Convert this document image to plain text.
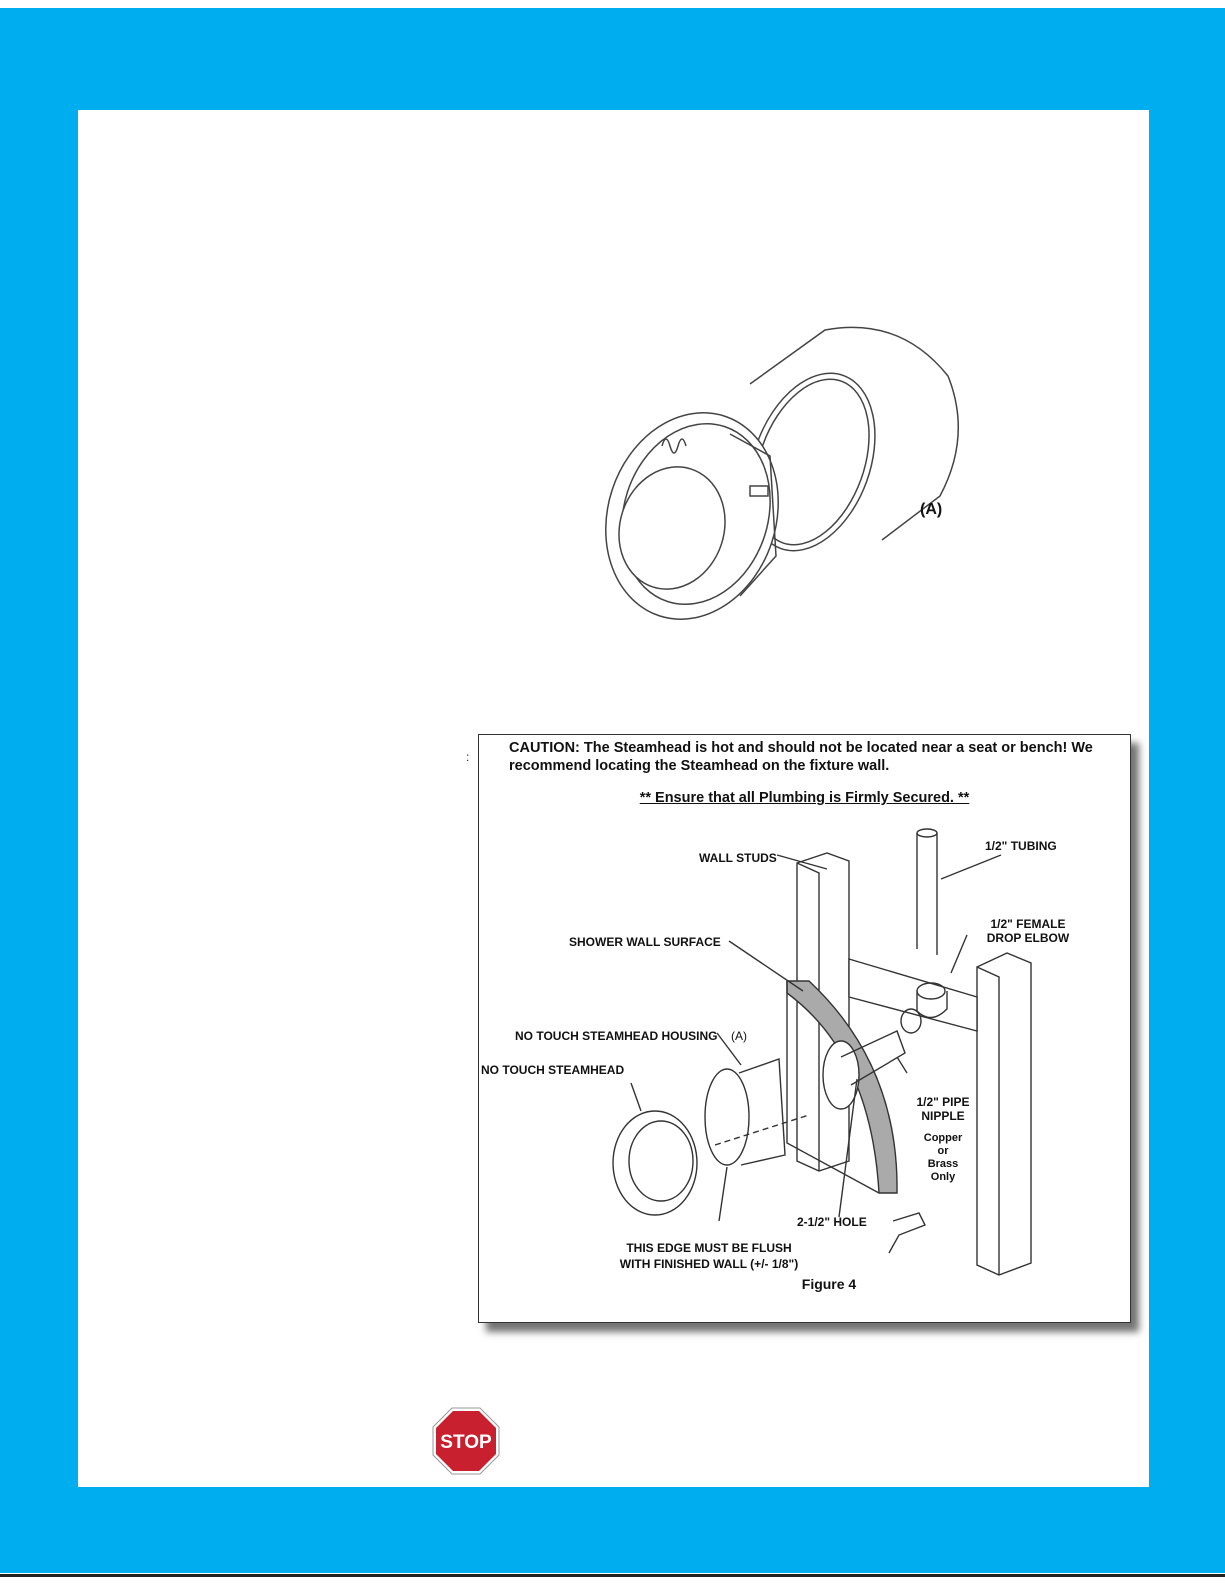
(A)
:
CAUTION: The Steamhead is hot and should not be located near a seat or bench! We recommend locating the Steamhead on the fixture wall.
** Ensure that all Plumbing is Firmly Secured. **
WALL STUDS
1/2" TUBING
1/2" FEMALE
DROP ELBOW
SHOWER WALL SURFACE
NO TOUCH STEAMHEAD HOUSING (A)
NO TOUCH STEAMHEAD
1/2" PIPE
NIPPLE
Copper
or
Brass
Only
2-1/2" HOLE
THIS EDGE MUST BE FLUSH
WITH FINISHED WALL (+/- 1/8")
Figure 4
STOP
